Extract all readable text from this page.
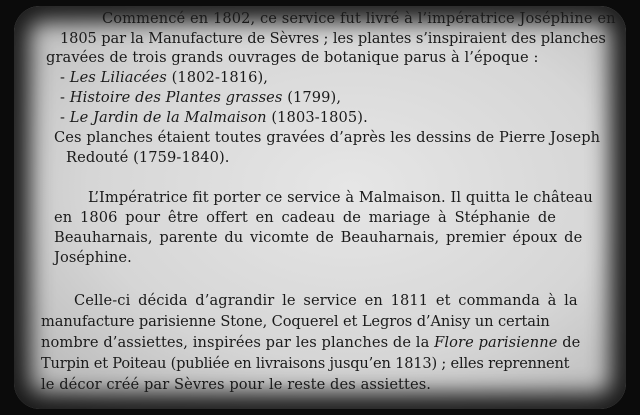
Commencé en 1802, ce service fut livré à l’impératrice Joséphine en
1805 par la Manufacture de Sèvres ; les plantes s’inspiraient des planches
gravées de trois grands ouvrages de botanique parus à l’époque :
- Les Liliacées (1802-1816),
- Histoire des Plantes grasses (1799),
- Le Jardin de la Malmaison (1803-1805).
Ces planches étaient toutes gravées d’après les dessins de Pierre Joseph
Redouté (1759-1840).
L’Impératrice fit porter ce service à Malmaison. Il quitta le château
en 1806 pour être offert en cadeau de mariage à Stéphanie de
Beauharnais, parente du vicomte de Beauharnais, premier époux de
Joséphine.
Celle-ci décida d’agrandir le service en 1811 et commanda à la
manufacture parisienne Stone, Coquerel et Legros d’Anisy un certain
nombre d’assiettes, inspirées par les planches de la Flore parisienne de
Turpin et Poiteau (publiée en livraisons jusqu’en 1813) ; elles reprennent
le décor créé par Sèvres pour le reste des assiettes.
